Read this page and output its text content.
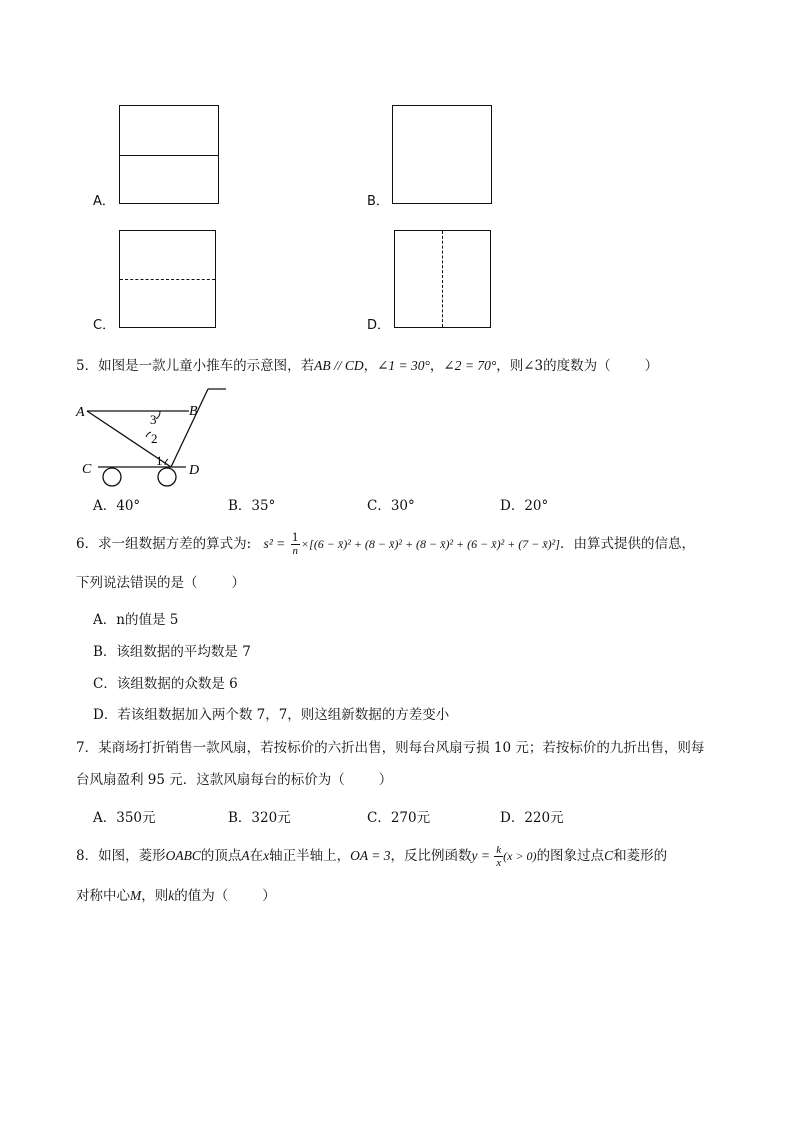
A．	B．
C．	D．
5．如图是一款儿童小推车的示意图，若AB // CD，∠1 = 30°，∠2 = 70°，则∠3的度数为（	）
A	B
C	D
3
2
1
A．40°	B．35°	C．30°	D．20°
6．求一组数据方差的算式为: $s^2 = \frac{1}{n} \times[(6$ − x̄)² + (8 − x̄)² + (8 − x̄)² + (6 − x̄)² + (7 − x̄)²]．由算式提供的信息，
下列说法错误的是（	）
A．n的值是 5
B．该组数据的平均数是 7
C．该组数据的众数是 6
D．若该组数据加入两个数 7，7，则这组新数据的方差变小
7．某商场打折销售一款风扇，若按标价的六折出售，则每台风扇亏损 10 元；若按标价的九折出售，则每
台风扇盈利 95 元．这款风扇每台的标价为（	）
A．350元	B．320元	C．270元	D．220元
8．如图，菱形OABC的顶点A在x轴正半轴上，OA = 3，反比例函数$y = \frac{k}{x} (x > 0)$的图象过点C和菱形的
对称中心M，则k的值为（	）
